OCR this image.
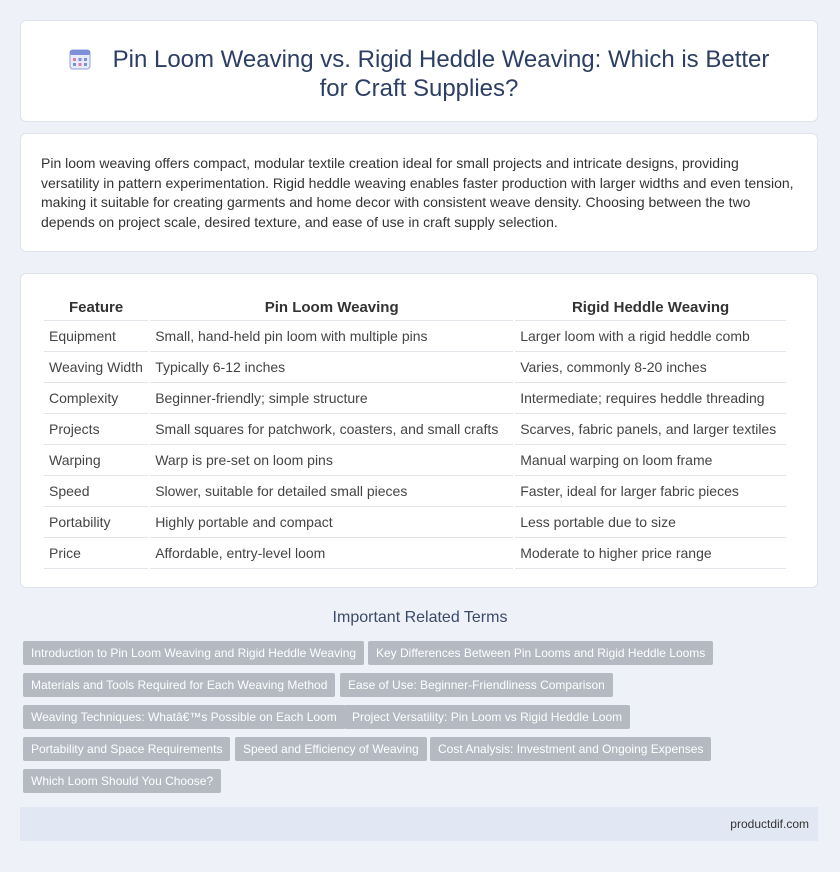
Pin Loom Weaving vs. Rigid Heddle Weaving: Which is Better for Craft Supplies?
Pin loom weaving offers compact, modular textile creation ideal for small projects and intricate designs, providing versatility in pattern experimentation. Rigid heddle weaving enables faster production with larger widths and even tension, making it suitable for creating garments and home decor with consistent weave density. Choosing between the two depends on project scale, desired texture, and ease of use in craft supply selection.
Feature	Pin Loom Weaving	Rigid Heddle Weaving
Equipment	Small, hand-held pin loom with multiple pins	Larger loom with a rigid heddle comb
Weaving Width	Typically 6-12 inches	Varies, commonly 8-20 inches
Complexity	Beginner-friendly; simple structure	Intermediate; requires heddle threading
Projects	Small squares for patchwork, coasters, and small crafts	Scarves, fabric panels, and larger textiles
Warping	Warp is pre-set on loom pins	Manual warping on loom frame
Speed	Slower, suitable for detailed small pieces	Faster, ideal for larger fabric pieces
Portability	Highly portable and compact	Less portable due to size
Price	Affordable, entry-level loom	Moderate to higher price range
Important Related Terms
Introduction to Pin Loom Weaving and Rigid Heddle Weaving	Key Differences Between Pin Looms and Rigid Heddle Looms
Materials and Tools Required for Each Weaving Method	Ease of Use: Beginner-Friendliness Comparison
Weaving Techniques: Whatâ€™s Possible on Each Loom	Project Versatility: Pin Loom vs Rigid Heddle Loom
Portability and Space Requirements	Speed and Efficiency of Weaving	Cost Analysis: Investment and Ongoing Expenses
Which Loom Should You Choose?
productdif.com
